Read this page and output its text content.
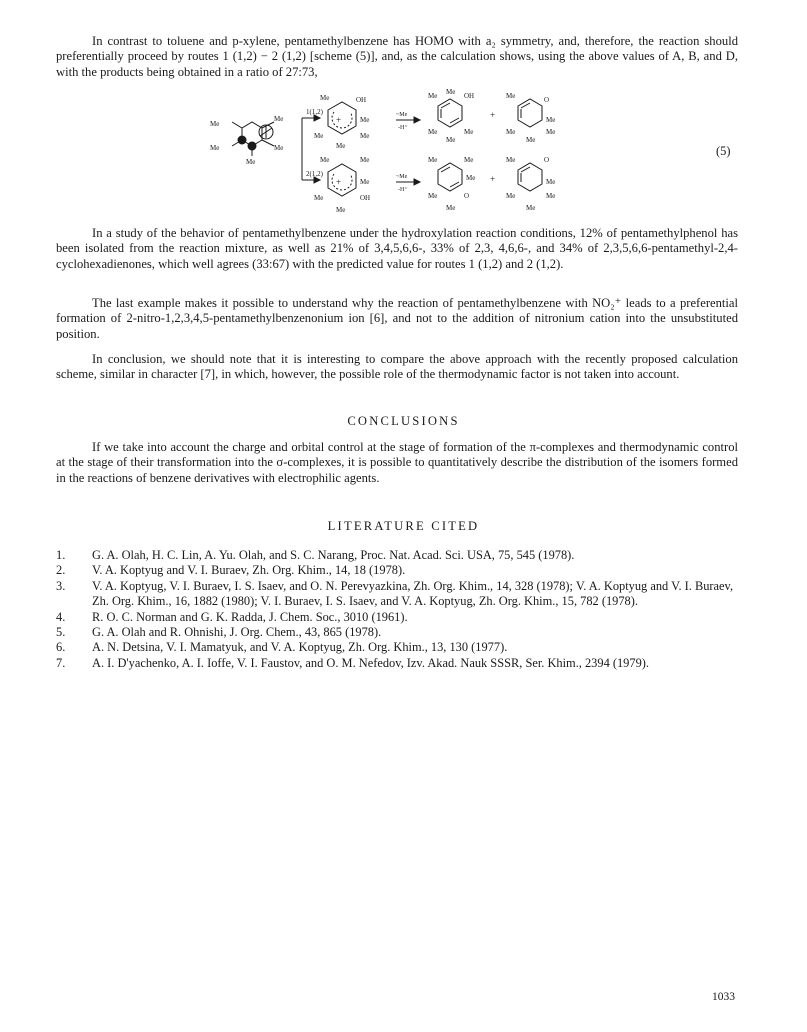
In contrast to toluene and p-xylene, pentamethylbenzene has HOMO with a₂ symmetry, and, therefore, the reaction should preferentially proceed by routes 1 (1,2) − 2 (1,2) [scheme (5)], and, as the calculation shows, using the above values of A, B, and D, with the products being obtained in a ratio of 27:73,

Me
Me
Me	Me
Me
1(1,2)
2(1,2)
+
+
Me	OH
Me
Me	Me
Me
Me	Me
Me
Me	OH
Me
~Me
-H⁺
~Me
-H⁺
Me Me OH
Me	Me
Me
+
Me	O
Me
Me	Me
Me
Me	Me
Me
Me	O
Me
+
Me	O
Me
Me	Me
Me
(5)

In a study of the behavior of pentamethylbenzene under the hydroxylation reaction conditions, 12% of pentamethylphenol has been isolated from the reaction mixture, as well as 21% of 3,4,5,6,6-, 33% of 2,3, 4,6,6-, and 34% of 2,3,5,6,6-pentamethyl-2,4-cyclohexadienones, which well agrees (33:67) with the predicted value for routes 1 (1,2) and 2 (1,2).

The last example makes it possible to understand why the reaction of pentamethylbenzene with NO₂⁺ leads to a preferential formation of 2-nitro-1,2,3,4,5-pentamethylbenzenonium ion [6], and not to the addition of nitronium cation into the unsubstituted position.

In conclusion, we should note that it is interesting to compare the above approach with the recently proposed calculation scheme, similar in character [7], in which, however, the possible role of the thermodynamic factor is not taken into account.

CONCLUSIONS

If we take into account the charge and orbital control at the stage of formation of the π-complexes and thermodynamic control at the stage of their transformation into the σ-complexes, it is possible to quantitatively describe the distribution of the isomers formed in the reactions of benzene derivatives with electrophilic agents.

LITERATURE CITED
1. G. A. Olah, H. C. Lin, A. Yu. Olah, and S. C. Narang, Proc. Nat. Acad. Sci. USA, 75, 545 (1978).
2. V. A. Koptyug and V. I. Buraev, Zh. Org. Khim., 14, 18 (1978).
3. V. A. Koptyug, V. I. Buraev, I. S. Isaev, and O. N. Perevyazkina, Zh. Org. Khim., 14, 328 (1978); V. A. Koptyug and V. I. Buraev, Zh. Org. Khim., 16, 1882 (1980); V. I. Buraev, I. S. Isaev, and V. A. Koptyug, Zh. Org. Khim., 15, 782 (1978).
4. R. O. C. Norman and G. K. Radda, J. Chem. Soc., 3010 (1961).
5. G. A. Olah and R. Ohnishi, J. Org. Chem., 43, 865 (1978).
6. A. N. Detsina, V. I. Mamatyuk, and V. A. Koptyug, Zh. Org. Khim., 13, 130 (1977).
7. A. I. D'yachenko, A. I. Ioffe, V. I. Faustov, and O. M. Nefedov, Izv. Akad. Nauk SSSR, Ser. Khim., 2394 (1979).
1033
